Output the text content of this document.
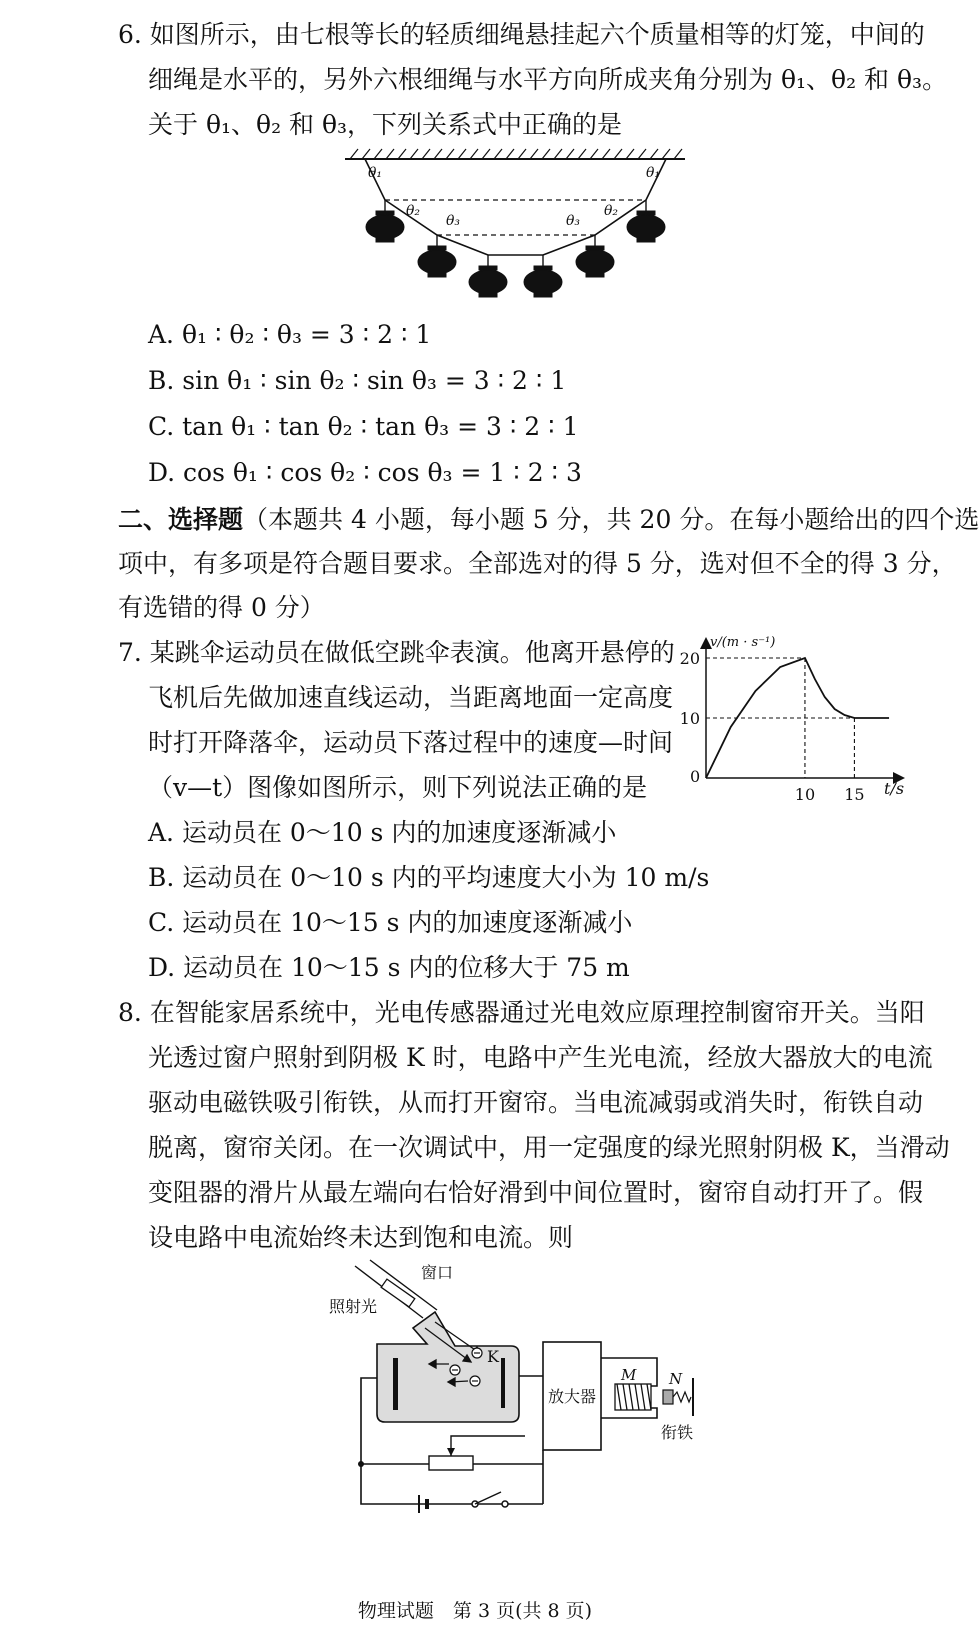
6. 如图所示，由七根等长的轻质细绳悬挂起六个质量相等的灯笼，中间的
细绳是水平的，另外六根细绳与水平方向所成夹角分别为 θ₁、θ₂ 和 θ₃。
关于 θ₁、θ₂ 和 θ₃，下列关系式中正确的是
θ₁	θ₁
θ₂	θ₂
θ₃	θ₃
A. θ₁ ∶ θ₂ ∶ θ₃ = 3 ∶ 2 ∶ 1
B. sin θ₁ ∶ sin θ₂ ∶ sin θ₃ = 3 ∶ 2 ∶ 1
C. tan θ₁ ∶ tan θ₂ ∶ tan θ₃ = 3 ∶ 2 ∶ 1
D. cos θ₁ ∶ cos θ₂ ∶ cos θ₃ = 1 ∶ 2 ∶ 3
二、选择题（本题共 4 小题，每小题 5 分，共 20 分。在每小题给出的四个选
项中，有多项是符合题目要求。全部选对的得 5 分，选对但不全的得 3 分，
有选错的得 0 分）
7. 某跳伞运动员在做低空跳伞表演。他离开悬停的
飞机后先做加速直线运动，当距离地面一定高度
时打开降落伞，运动员下落过程中的速度—时间
（v—t）图像如图所示，则下列说法正确的是
v/(m · s⁻¹)
t/s
0
20
10
10 15
A. 运动员在 0～10 s 内的加速度逐渐减小
B. 运动员在 0～10 s 内的平均速度大小为 10 m/s
C. 运动员在 10～15 s 内的加速度逐渐减小
D. 运动员在 10～15 s 内的位移大于 75 m
8. 在智能家居系统中，光电传感器通过光电效应原理控制窗帘开关。当阳
光透过窗户照射到阴极 K 时，电路中产生光电流，经放大器放大的电流
驱动电磁铁吸引衔铁，从而打开窗帘。当电流减弱或消失时，衔铁自动
脱离，窗帘关闭。在一次调试中，用一定强度的绿光照射阴极 K，当滑动
变阻器的滑片从最左端向右恰好滑到中间位置时，窗帘自动打开了。假
设电路中电流始终未达到饱和电流。则
窗口
照射光
K
放大器
M N
衔铁
物理试题　第 3 页(共 8 页)
